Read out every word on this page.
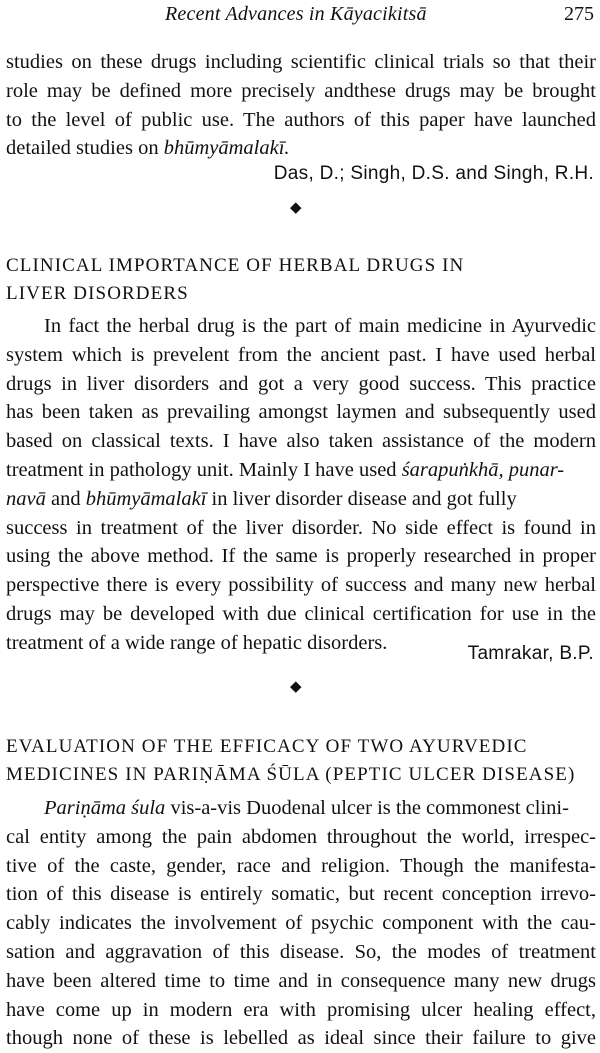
Recent Advances in Kāyacikitsā	275
studies on these drugs including scientific clinical trials so that their
role may be defined more precisely andthese drugs may be brought
to the level of public use. The authors of this paper have launched
detailed studies on bhūmyāmalakī.
Das, D.; Singh, D.S. and Singh, R.H.
◆
CLINICAL IMPORTANCE OF HERBAL DRUGS IN
LIVER DISORDERS
In fact the herbal drug is the part of main medicine in Ayurvedic
system which is prevelent from the ancient past. I have used herbal
drugs in liver disorders and got a very good success. This practice
has been taken as prevailing amongst laymen and subsequently used
based on classical texts. I have also taken assistance of the modern
treatment in pathology unit. Mainly I have used śarapuṅkhā, punar-
navā and bhūmyāmalakī in liver disorder disease and got fully
success in treatment of the liver disorder. No side effect is found in
using the above method. If the same is properly researched in proper
perspective there is every possibility of success and many new herbal
drugs may be developed with due clinical certification for use in the
treatment of a wide range of hepatic disorders.	Tamrakar, B.P.
◆
EVALUATION OF THE EFFICACY OF TWO AYURVEDIC
MEDICINES IN PARIṆĀMA ŚŪLA (PEPTIC ULCER DISEASE)
Pariṇāma śula vis-a-vis Duodenal ulcer is the commonest clini-
cal entity among the pain abdomen throughout the world, irrespec-
tive of the caste, gender, race and religion. Though the manifesta-
tion of this disease is entirely somatic, but recent conception irrevo-
cably indicates the involvement of psychic component with the cau-
sation and aggravation of this disease. So, the modes of treatment
have been altered time to time and in consequence many new drugs
have come up in modern era with promising ulcer healing effect,
though none of these is lebelled as ideal since their failure to give
